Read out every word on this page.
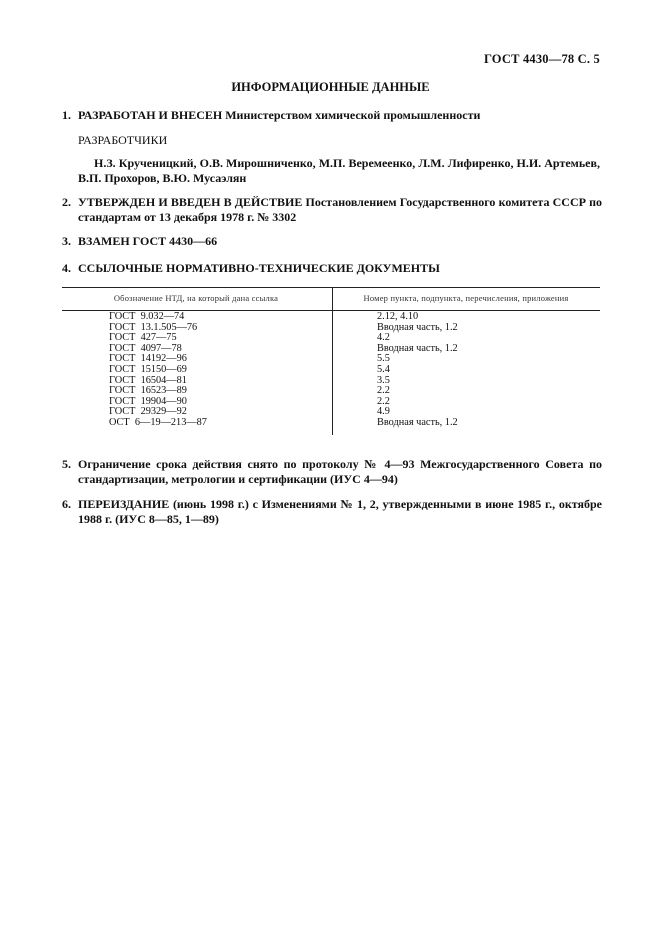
ГОСТ 4430—78 С. 5
ИНФОРМАЦИОННЫЕ ДАННЫЕ
1. РАЗРАБОТАН И ВНЕСЕН Министерством химической промышленности
РАЗРАБОТЧИКИ
Н.З. Крученицкий, О.В. Мирошниченко, М.П. Веремеенко, Л.М. Лифиренко, Н.И. Артемьев, В.П. Прохоров, В.Ю. Мусаэлян
2. УТВЕРЖДЕН И ВВЕДЕН В ДЕЙСТВИЕ Постановлением Государственного комитета СССР по стандартам от 13 декабря 1978 г. № 3302
3. ВЗАМЕН ГОСТ 4430—66
4. ССЫЛОЧНЫЕ НОРМАТИВНО-ТЕХНИЧЕСКИЕ ДОКУМЕНТЫ
Обозначение НТД, на который дана ссылка	Номер пункта, подпункта, перечисления, приложения
ГОСТ  9.032—74	2.12, 4.10
ГОСТ  13.1.505—76	Вводная часть, 1.2
ГОСТ  427—75	4.2
ГОСТ  4097—78	Вводная часть, 1.2
ГОСТ  14192—96	5.5
ГОСТ  15150—69	5.4
ГОСТ  16504—81	3.5
ГОСТ  16523—89	2.2
ГОСТ  19904—90	2.2
ГОСТ  29329—92	4.9
ОСТ  6—19—213—87	Вводная часть, 1.2
5. Ограничение срока действия снято по протоколу № 4—93 Межгосударственного Совета по стандартизации, метрологии и сертификации (ИУС 4—94)
6. ПЕРЕИЗДАНИЕ (июнь 1998 г.) с Изменениями № 1, 2, утвержденными в июне 1985 г., октябре 1988 г. (ИУС 8—85, 1—89)
